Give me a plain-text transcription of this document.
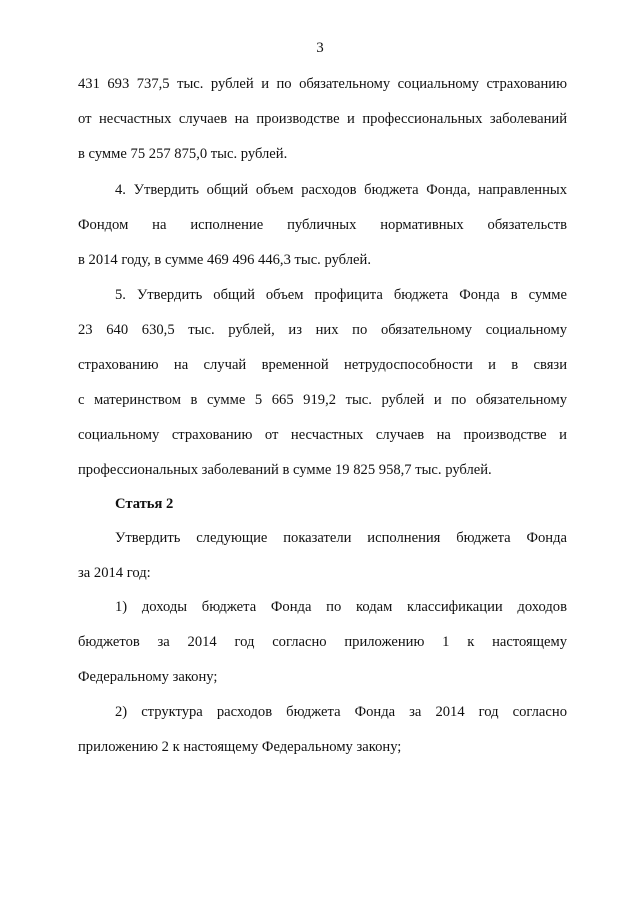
3
431 693 737,5 тыс. рублей и по обязательному социальному страхованию
от несчастных случаев на производстве и профессиональных заболеваний
в сумме 75 257 875,0 тыс. рублей.
4. Утвердить общий объем расходов бюджета Фонда, направленных
Фондом на исполнение публичных нормативных обязательств
в 2014 году, в сумме 469 496 446,3 тыс. рублей.
5. Утвердить общий объем профицита бюджета Фонда в сумме
23 640 630,5 тыс. рублей, из них по обязательному социальному
страхованию на случай временной нетрудоспособности и в связи
с материнством в сумме 5 665 919,2 тыс. рублей и по обязательному
социальному страхованию от несчастных случаев на производстве и
профессиональных заболеваний в сумме 19 825 958,7 тыс. рублей.
Статья 2
Утвердить следующие показатели исполнения бюджета Фонда
за 2014 год:
1) доходы бюджета Фонда по кодам классификации доходов
бюджетов за 2014 год согласно приложению 1 к настоящему
Федеральному закону;
2) структура расходов бюджета Фонда за 2014 год согласно
приложению 2 к настоящему Федеральному закону;
